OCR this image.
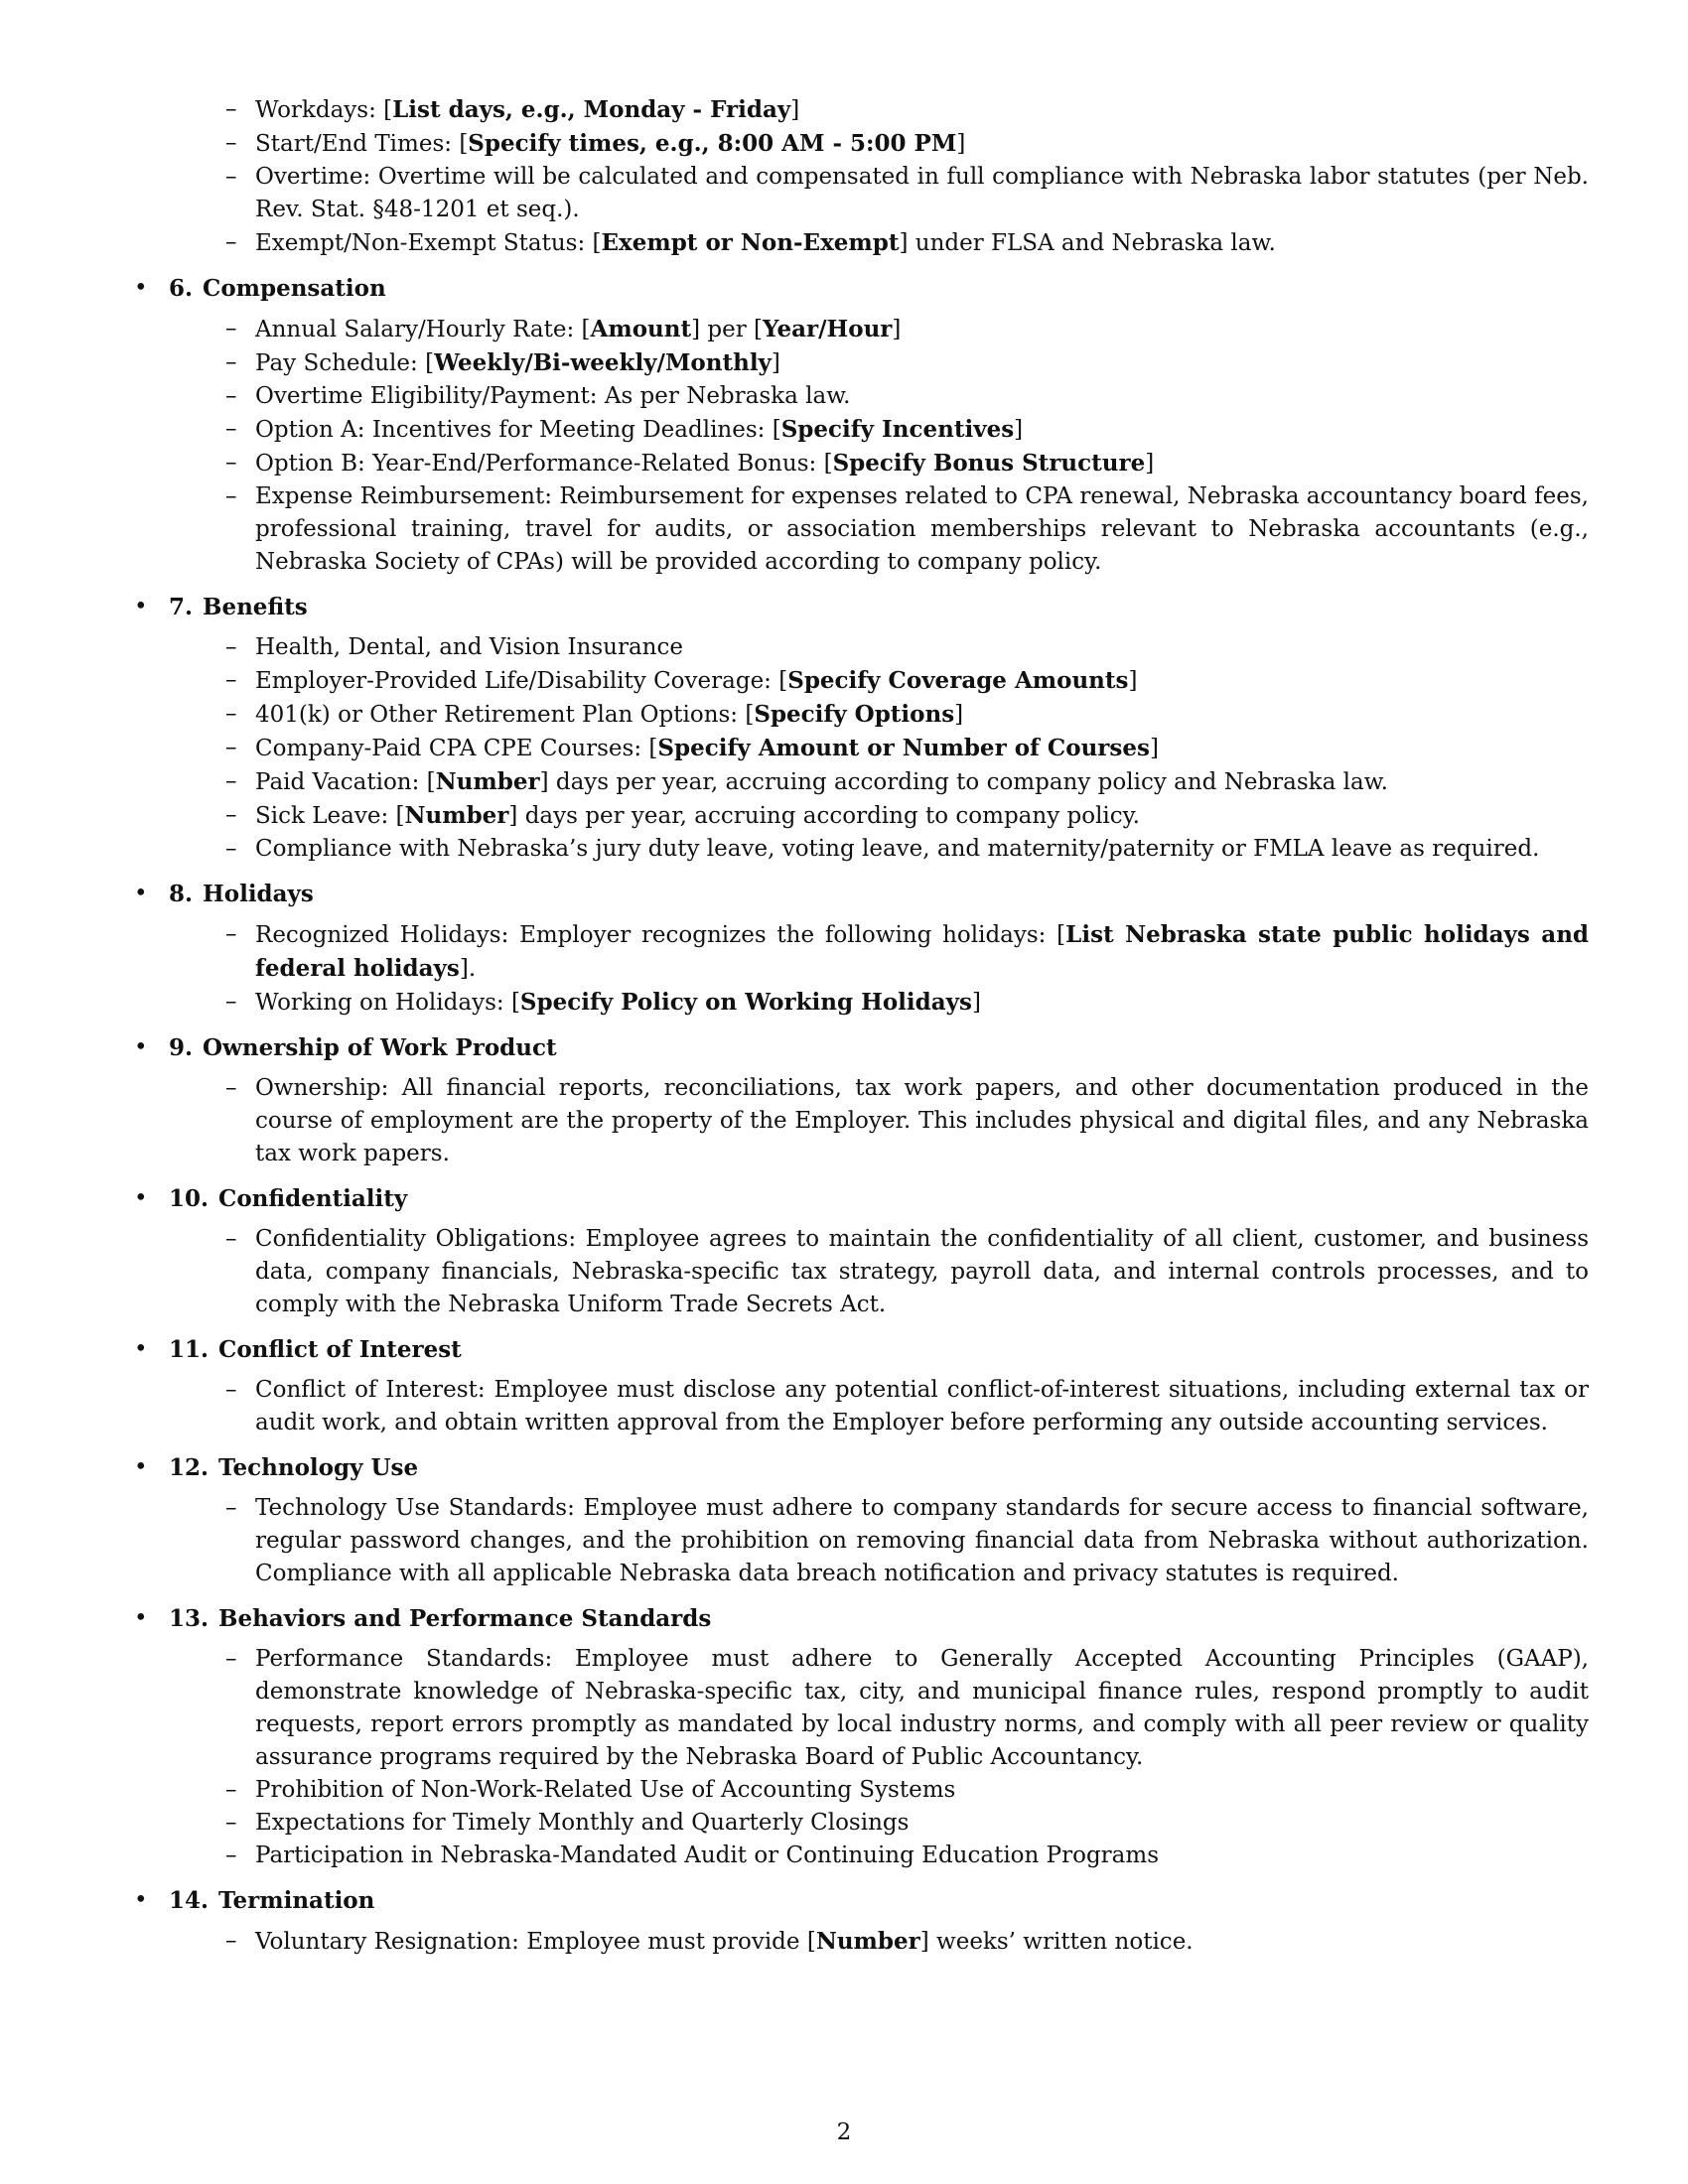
– Workdays: [List days, e.g., Monday - Friday]
– Start/End Times: [Specify times, e.g., 8:00 AM - 5:00 PM]
– Overtime: Overtime will be calculated and compensated in full compliance with Nebraska labor statutes (per Neb. Rev. Stat. §48-1201 et seq.).
– Exempt/Non-Exempt Status: [Exempt or Non-Exempt] under FLSA and Nebraska law.
• 6. Compensation
– Annual Salary/Hourly Rate: [Amount] per [Year/Hour]
– Pay Schedule: [Weekly/Bi-weekly/Monthly]
– Overtime Eligibility/Payment: As per Nebraska law.
– Option A: Incentives for Meeting Deadlines: [Specify Incentives]
– Option B: Year-End/Performance-Related Bonus: [Specify Bonus Structure]
– Expense Reimbursement: Reimbursement for expenses related to CPA renewal, Nebraska accountancy board fees, professional training, travel for audits, or association memberships relevant to Nebraska accountants (e.g., Nebraska Society of CPAs) will be provided according to company policy.
• 7. Benefits
– Health, Dental, and Vision Insurance
– Employer-Provided Life/Disability Coverage: [Specify Coverage Amounts]
– 401(k) or Other Retirement Plan Options: [Specify Options]
– Company-Paid CPA CPE Courses: [Specify Amount or Number of Courses]
– Paid Vacation: [Number] days per year, accruing according to company policy and Nebraska law.
– Sick Leave: [Number] days per year, accruing according to company policy.
– Compliance with Nebraska’s jury duty leave, voting leave, and maternity/paternity or FMLA leave as required.
• 8. Holidays
– Recognized Holidays: Employer recognizes the following holidays: [List Nebraska state public holidays and federal holidays].
– Working on Holidays: [Specify Policy on Working Holidays]
• 9. Ownership of Work Product
– Ownership: All financial reports, reconciliations, tax work papers, and other documentation produced in the course of employment are the property of the Employer. This includes physical and digital files, and any Nebraska tax work papers.
• 10. Confidentiality
– Confidentiality Obligations: Employee agrees to maintain the confidentiality of all client, customer, and business data, company financials, Nebraska-specific tax strategy, payroll data, and internal controls processes, and to comply with the Nebraska Uniform Trade Secrets Act.
• 11. Conflict of Interest
– Conflict of Interest: Employee must disclose any potential conflict-of-interest situations, including external tax or audit work, and obtain written approval from the Employer before performing any outside accounting services.
• 12. Technology Use
– Technology Use Standards: Employee must adhere to company standards for secure access to financial software, regular password changes, and the prohibition on removing financial data from Nebraska without authorization. Compliance with all applicable Nebraska data breach notification and privacy statutes is required.
• 13. Behaviors and Performance Standards
– Performance Standards: Employee must adhere to Generally Accepted Accounting Principles (GAAP), demonstrate knowledge of Nebraska-specific tax, city, and municipal finance rules, respond promptly to audit requests, report errors promptly as mandated by local industry norms, and comply with all peer review or quality assurance programs required by the Nebraska Board of Public Accountancy.
– Prohibition of Non-Work-Related Use of Accounting Systems
– Expectations for Timely Monthly and Quarterly Closings
– Participation in Nebraska-Mandated Audit or Continuing Education Programs
• 14. Termination
– Voluntary Resignation: Employee must provide [Number] weeks’ written notice.
2
